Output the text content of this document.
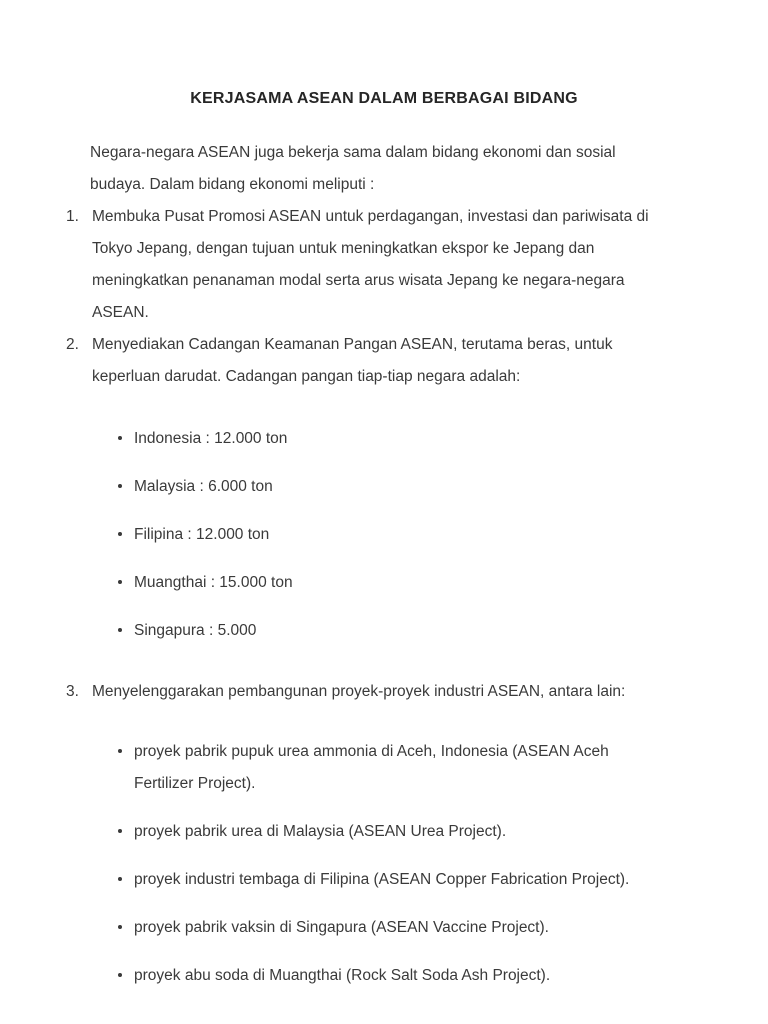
KERJASAMA ASEAN DALAM BERBAGAI BIDANG

Negara-negara ASEAN juga bekerja sama dalam bidang ekonomi dan sosial budaya. Dalam bidang ekonomi meliputi :

1. Membuka Pusat Promosi ASEAN untuk perdagangan, investasi dan pariwisata di Tokyo Jepang, dengan tujuan untuk meningkatkan ekspor ke Jepang dan meningkatkan penanaman modal serta arus wisata Jepang ke negara-negara ASEAN.
2. Menyediakan Cadangan Keamanan Pangan ASEAN, terutama beras, untuk keperluan darudat. Cadangan pangan tiap-tiap negara adalah:
Indonesia : 12.000 ton
Malaysia : 6.000 ton
Filipina : 12.000 ton
Muangthai : 15.000 ton
Singapura : 5.000
3. Menyelenggarakan pembangunan proyek-proyek industri ASEAN, antara lain:
proyek pabrik pupuk urea ammonia di Aceh, Indonesia (ASEAN Aceh Fertilizer Project).
proyek pabrik urea di Malaysia (ASEAN Urea Project).
proyek industri tembaga di Filipina (ASEAN Copper Fabrication Project).
proyek pabrik vaksin di Singapura (ASEAN Vaccine Project).
proyek abu soda di Muangthai (Rock Salt Soda Ash Project).
